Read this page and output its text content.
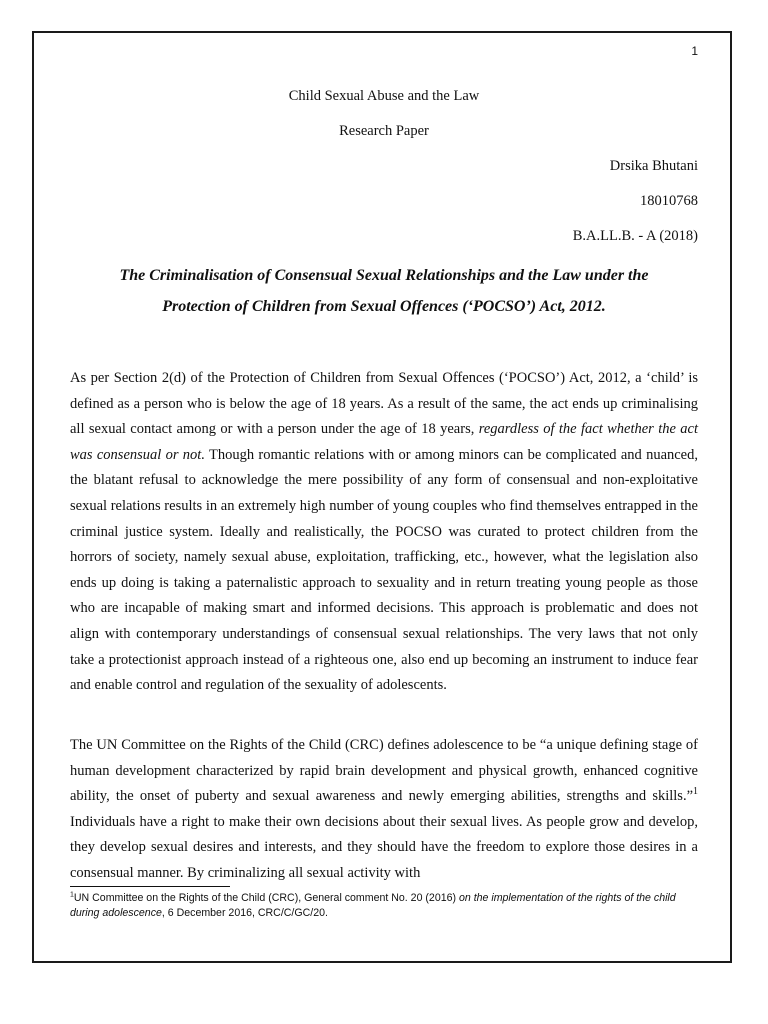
1
Child Sexual Abuse and the Law
Research Paper
Drsika Bhutani
18010768
B.A.LL.B. - A (2018)
The Criminalisation of Consensual Sexual Relationships and the Law under the
Protection of Children from Sexual Offences (‘POCSO’) Act, 2012.

As per Section 2(d) of the Protection of Children from Sexual Offences (‘POCSO’) Act, 2012, a ‘child’ is defined as a person who is below the age of 18 years. As a result of the same, the act ends up criminalising all sexual contact among or with a person under the age of 18 years, regardless of the fact whether the act was consensual or not. Though romantic relations with or among minors can be complicated and nuanced, the blatant refusal to acknowledge the mere possibility of any form of consensual and non-exploitative sexual relations results in an extremely high number of young couples who find themselves entrapped in the criminal justice system. Ideally and realistically, the POCSO was curated to protect children from the horrors of society, namely sexual abuse, exploitation, trafficking, etc., however, what the legislation also ends up doing is taking a paternalistic approach to sexuality and in return treating young people as those who are incapable of making smart and informed decisions. This approach is problematic and does not align with contemporary understandings of consensual sexual relationships. The very laws that not only take a protectionist approach instead of a righteous one, also end up becoming an instrument to induce fear and enable control and regulation of the sexuality of adolescents.

The UN Committee on the Rights of the Child (CRC) defines adolescence to be “a unique defining stage of human development characterized by rapid brain development and physical growth, enhanced cognitive ability, the onset of puberty and sexual awareness and newly emerging abilities, strengths and skills.”$^1$ Individuals have a right to make their own decisions about their sexual lives. As people grow and develop, they develop sexual desires and interests, and they should have the freedom to explore those desires in a consensual manner. By criminalizing all sexual activity with

$^1$UN Committee on the Rights of the Child (CRC), General comment No. 20 (2016) on the implementation of the rights of the child during adolescence, 6 December 2016, CRC/C/GC/20.
